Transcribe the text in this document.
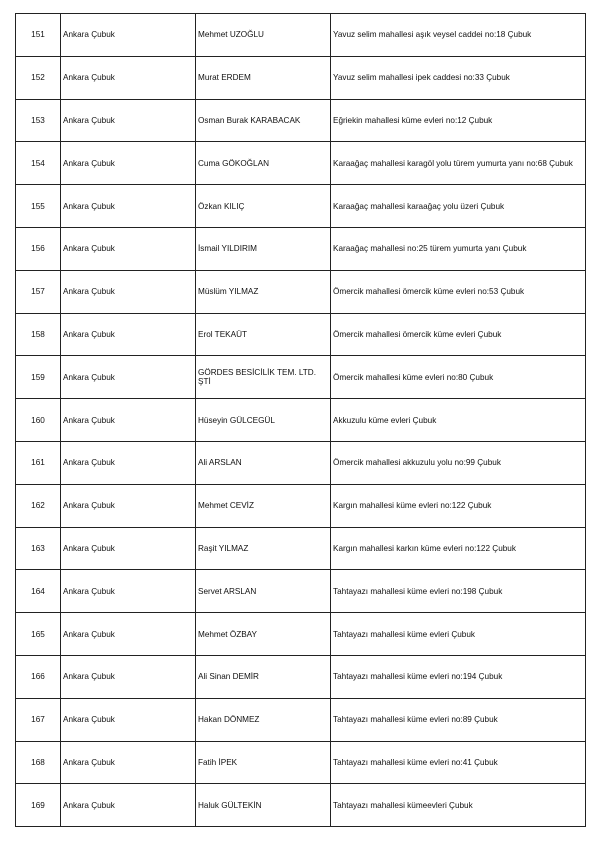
151	Ankara Çubuk	Mehmet UZOĞLU	Yavuz selim mahallesi aşık veysel caddei no:18 Çubuk
152	Ankara Çubuk	Murat ERDEM	Yavuz selim mahallesi ipek caddesi no:33 Çubuk
153	Ankara Çubuk	Osman Burak KARABACAK	Eğriekin mahallesi küme evleri no:12 Çubuk
154	Ankara Çubuk	Cuma GÖKOĞLAN	Karaağaç mahallesi karagöl yolu türem yumurta yanı no:68 Çubuk
155	Ankara Çubuk	Özkan KILIÇ	Karaağaç mahallesi karaağaç yolu üzeri Çubuk
156	Ankara Çubuk	İsmail YILDIRIM	Karaağaç mahallesi no:25 türem yumurta yanı Çubuk
157	Ankara Çubuk	Müslüm YILMAZ	Ömercik mahallesi ömercik küme evleri no:53 Çubuk
158	Ankara Çubuk	Erol TEKAÜT	Ömercik mahallesi ömercik küme evleri Çubuk
159	Ankara Çubuk	GÖRDES BESİCİLİK TEM. LTD. ŞTİ	Ömercik mahallesi küme evleri no:80 Çubuk
160	Ankara Çubuk	Hüseyin GÜLCEGÜL	Akkuzulu küme evleri Çubuk
161	Ankara Çubuk	Ali ARSLAN	Ömercik mahallesi akkuzulu yolu no:99 Çubuk
162	Ankara Çubuk	Mehmet CEVİZ	Kargın mahallesi küme evleri no:122 Çubuk
163	Ankara Çubuk	Raşit YILMAZ	Kargın mahallesi karkın küme evleri no:122 Çubuk
164	Ankara Çubuk	Servet ARSLAN	Tahtayazı mahallesi küme evleri no:198 Çubuk
165	Ankara Çubuk	Mehmet ÖZBAY	Tahtayazı mahallesi küme evleri Çubuk
166	Ankara Çubuk	Ali Sinan DEMİR	Tahtayazı mahallesi küme evleri no:194 Çubuk
167	Ankara Çubuk	Hakan DÖNMEZ	Tahtayazı mahallesi küme evleri no:89 Çubuk
168	Ankara Çubuk	Fatih İPEK	Tahtayazı mahallesi küme evleri no:41 Çubuk
169	Ankara Çubuk	Haluk GÜLTEKİN	Tahtayazı mahallesi kümeevleri Çubuk
